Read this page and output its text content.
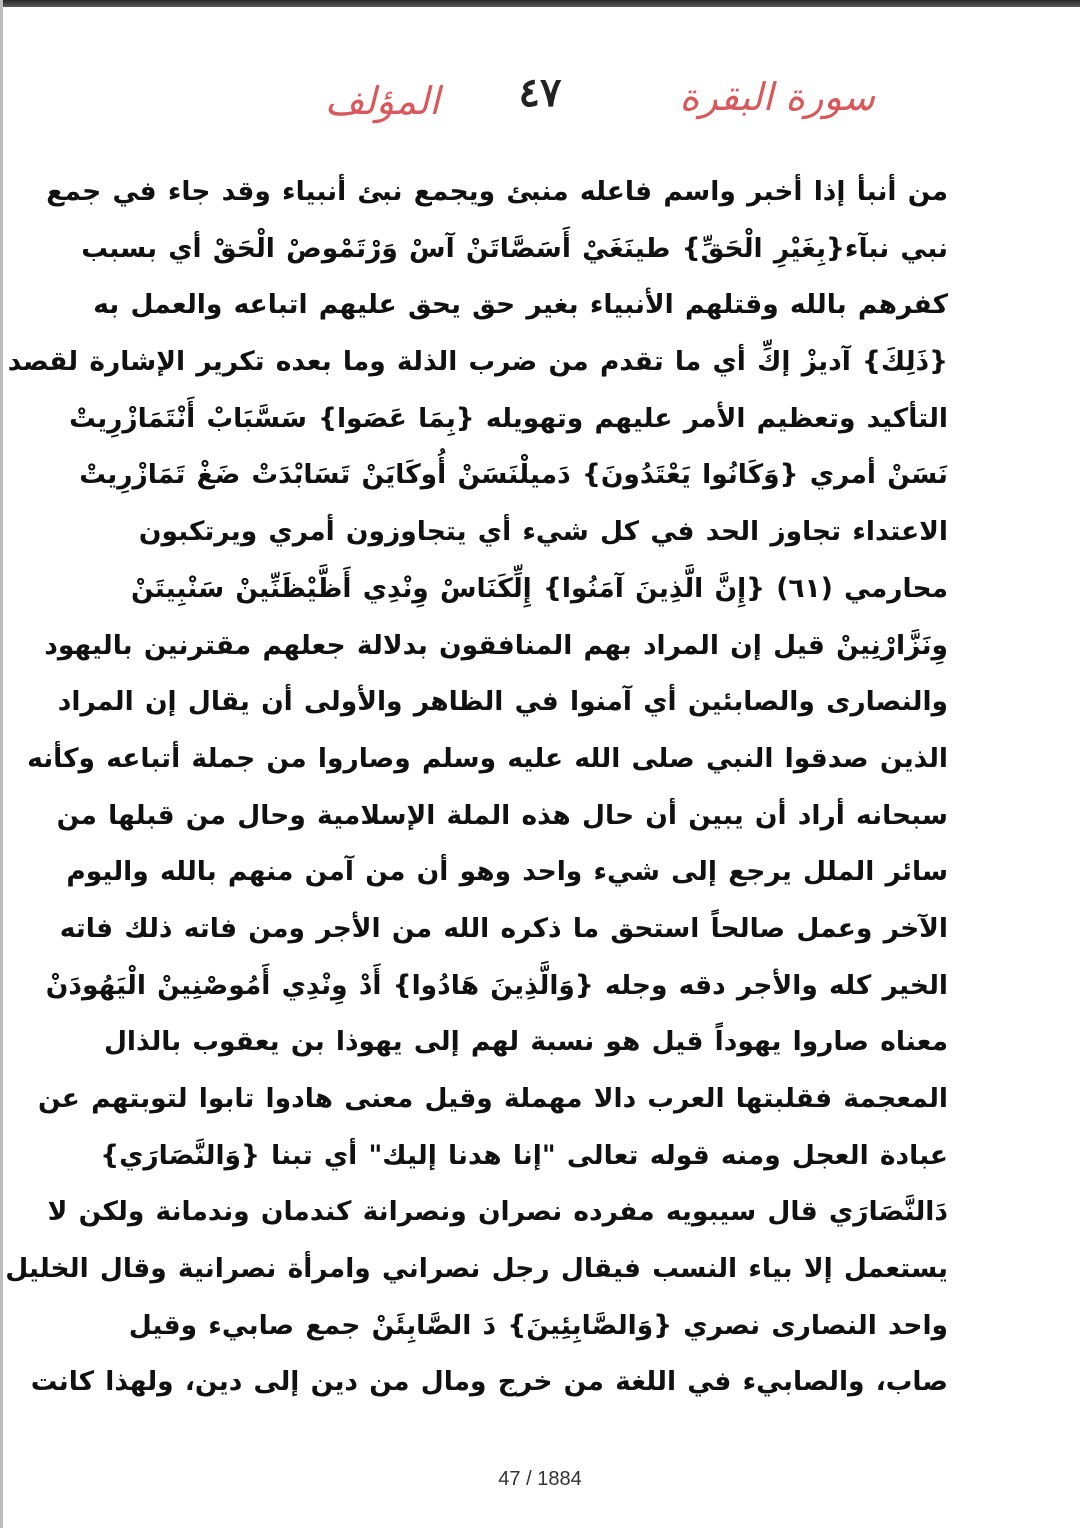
سورة البقرة
٤٧
المؤلف
من أنبأ إذا أخبر واسم فاعله منبئ ويجمع نبئ أنبياء وقد جاء في جمع
نبي نبآء{بِغَيْرِ الْحَقِّ} طينَغَيْ أَسَصَّاتَنْ آسْ وَرْتَمْوصْ الْحَقْ أي بسبب
كفرهم بالله وقتلهم الأنبياء بغير حق يحق عليهم اتباعه والعمل به
{ذَلِكَ} آديزْ إكِّ أي ما تقدم من ضرب الذلة وما بعده تكرير الإشارة لقصد
التأكيد وتعظيم الأمر عليهم وتهويله {بِمَا عَصَوا} سَسَّبَابْ أَنْتَمَازْرِيتْ
نَسَنْ أمري {وَكَانُوا يَعْتَدُونَ} دَميلْنَسَنْ أُوكَايَنْ تَسَابْدَتْ ضَغْ تَمَازْرِيتْ
الاعتداء تجاوز الحد في كل شيء أي يتجاوزون أمري ويرتكبون
محارمي (٦١) {إِنَّ الَّذِينَ آمَنُوا} إِلِّكَنَاسْ وِنْدِي أَظَّيْظَنِّينْ سَنْبِيتَنْ
وِنَزَّارْنِينْ قيل إن المراد بهم المنافقون بدلالة جعلهم مقترنين باليهود
والنصارى والصابئين أي آمنوا في الظاهر والأولى أن يقال إن المراد
الذين صدقوا النبي صلى الله عليه وسلم وصاروا من جملة أتباعه وكأنه
سبحانه أراد أن يبين أن حال هذه الملة الإسلامية وحال من قبلها من
سائر الملل يرجع إلى شيء واحد وهو أن من آمن منهم بالله واليوم
الآخر وعمل صالحاً استحق ما ذكره الله من الأجر ومن فاته ذلك فاته
الخير كله والأجر دقه وجله {وَالَّذِينَ هَادُوا} أَدْ وِنْدِي أَمُوصْنِينْ الْيَهُودَنْ
معناه صاروا يهوداً قيل هو نسبة لهم إلى يهوذا بن يعقوب بالذال
المعجمة فقلبتها العرب دالا مهملة وقيل معنى هادوا تابوا لتوبتهم عن
عبادة العجل ومنه قوله تعالى "إنا هدنا إليك" أي تبنا {وَالنَّصَارَي}
دَالنَّصَارَي قال سيبويه مفرده نصران ونصرانة كندمان وندمانة ولكن لا
يستعمل إلا بياء النسب فيقال رجل نصراني وامرأة نصرانية وقال الخليل
واحد النصارى نصري {وَالصَّابِئِينَ} دَ الصَّابِئَنْ جمع صابيء وقيل
صاب، والصابيء في اللغة من خرج ومال من دين إلى دين، ولهذا كانت
47 / 1884
